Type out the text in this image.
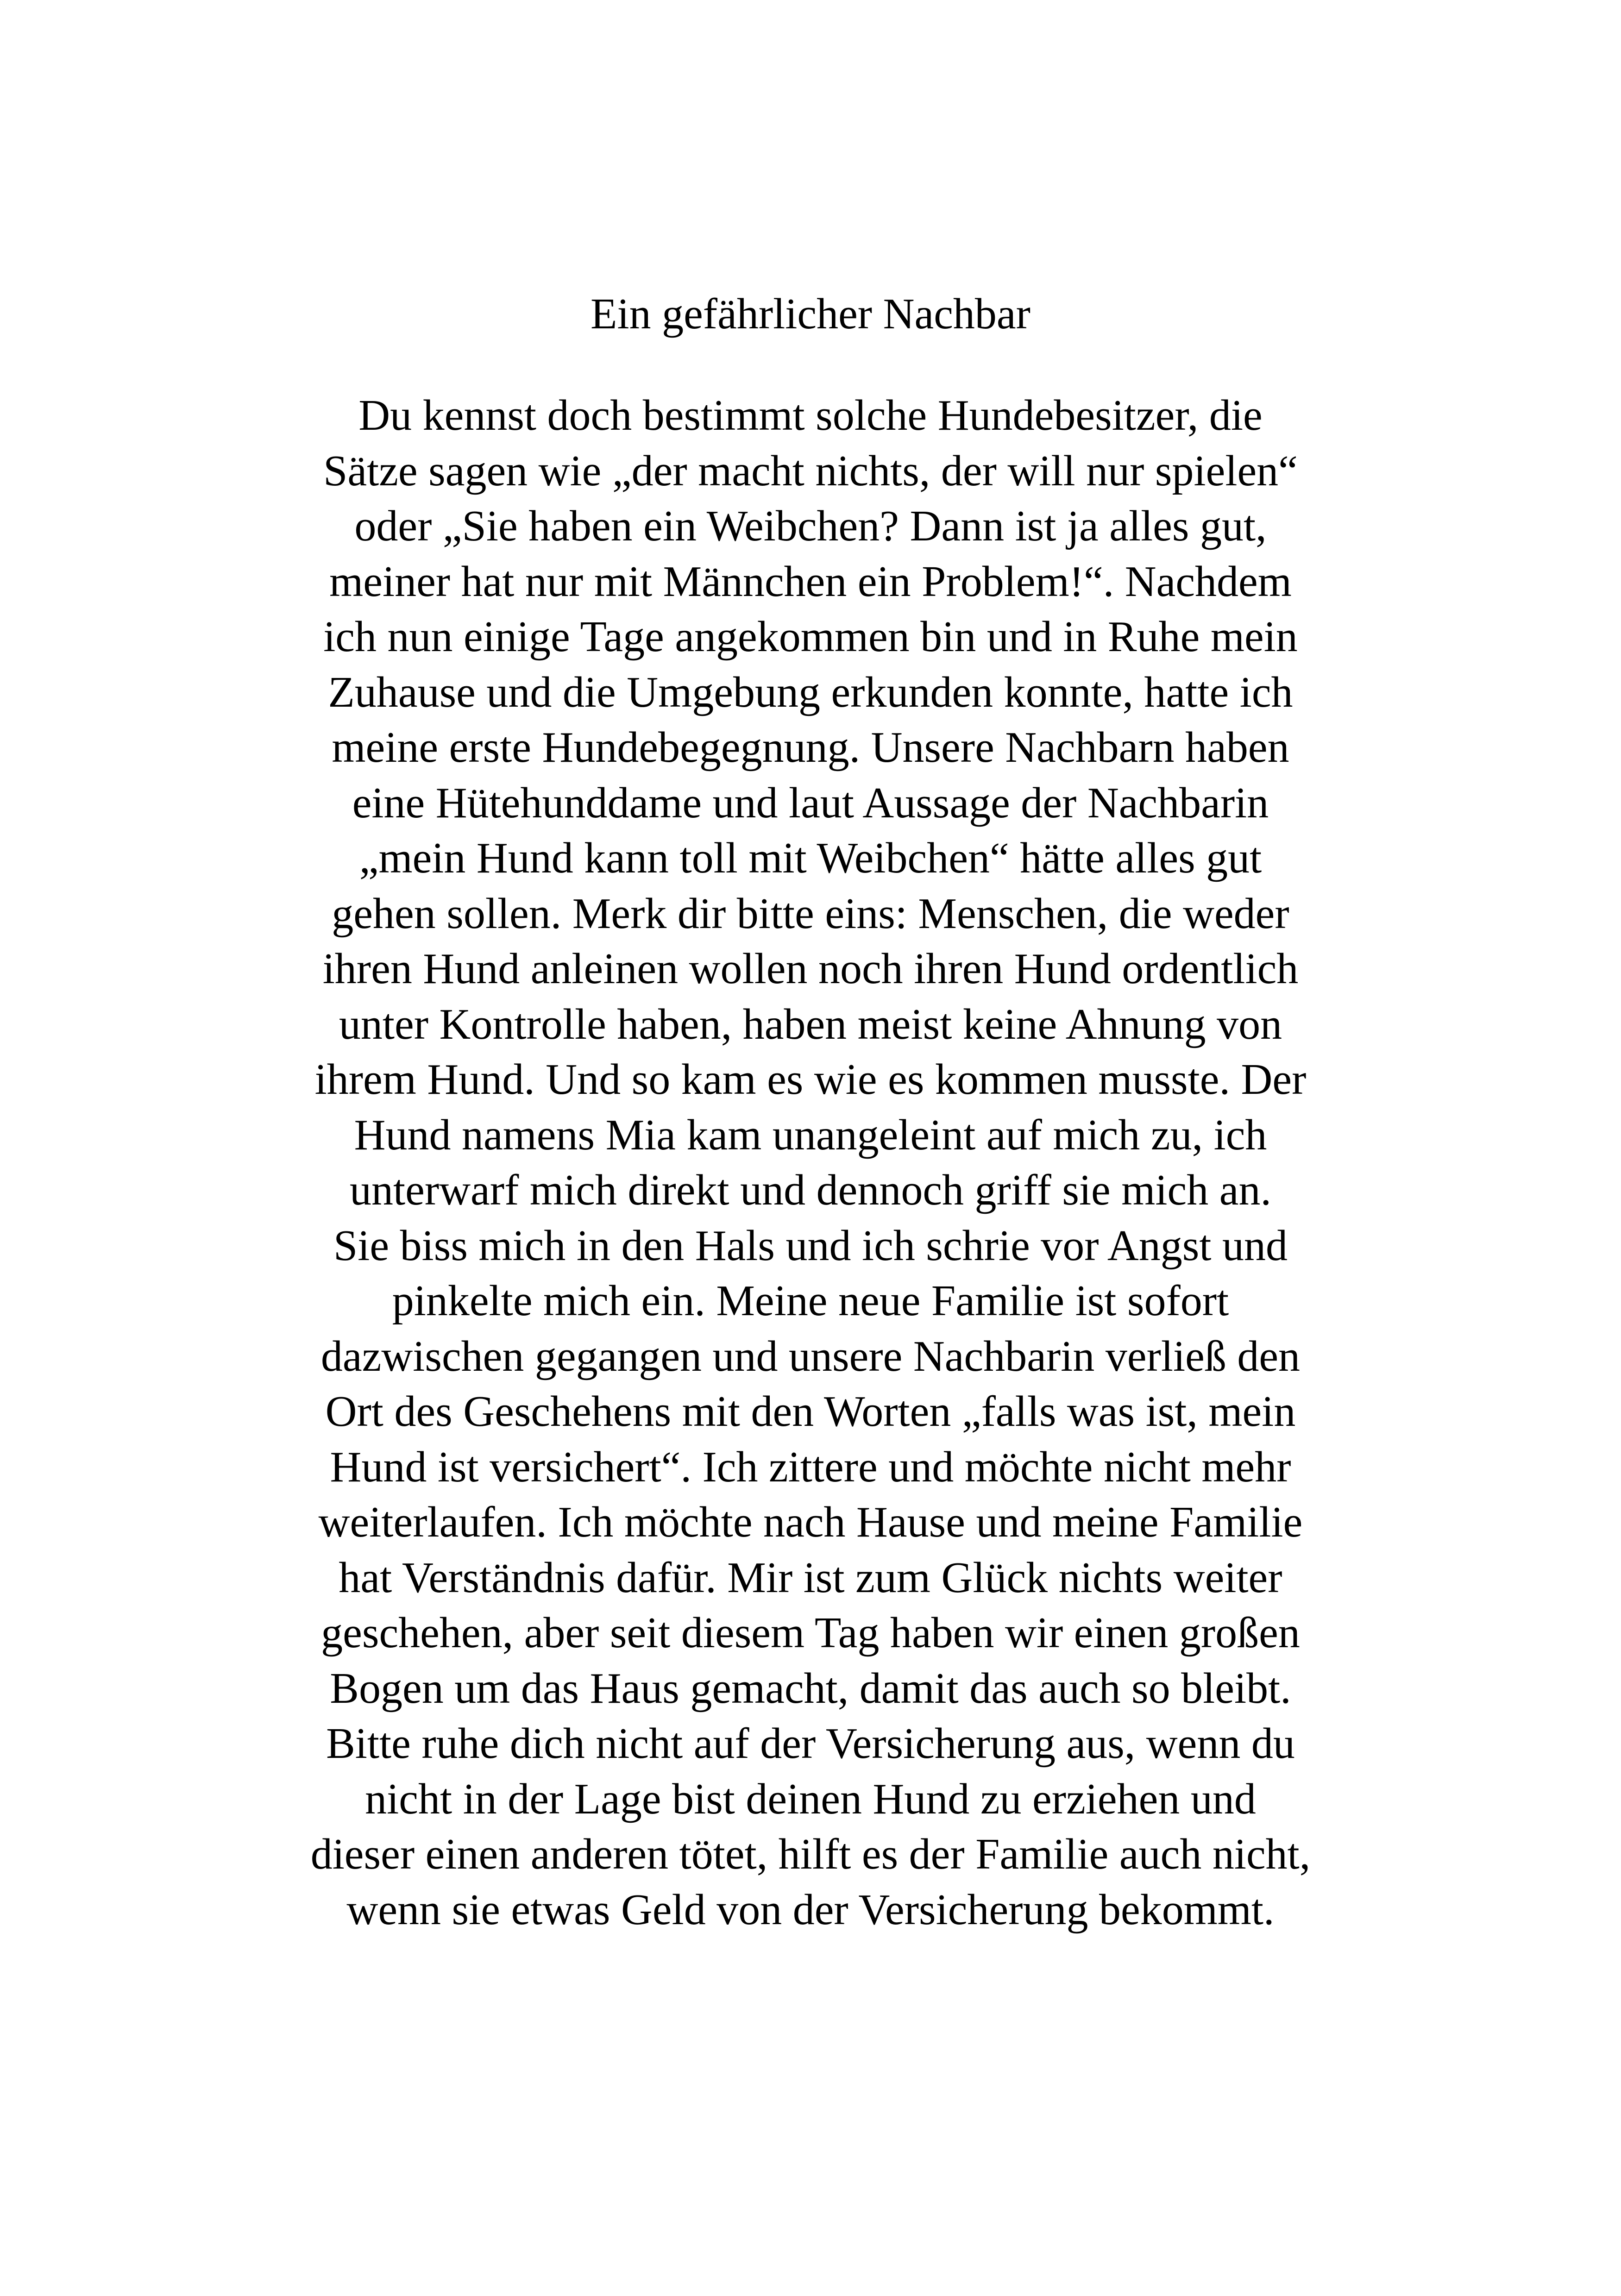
Ein gefährlicher Nachbar
Du kennst doch bestimmt solche Hundebesitzer, die
Sätze sagen wie „der macht nichts, der will nur spielen“
oder „Sie haben ein Weibchen? Dann ist ja alles gut,
meiner hat nur mit Männchen ein Problem!“. Nachdem
ich nun einige Tage angekommen bin und in Ruhe mein
Zuhause und die Umgebung erkunden konnte, hatte ich
meine erste Hundebegegnung. Unsere Nachbarn haben
eine Hütehunddame und laut Aussage der Nachbarin
„mein Hund kann toll mit Weibchen“ hätte alles gut
gehen sollen. Merk dir bitte eins: Menschen, die weder
ihren Hund anleinen wollen noch ihren Hund ordentlich
unter Kontrolle haben, haben meist keine Ahnung von
ihrem Hund. Und so kam es wie es kommen musste. Der
Hund namens Mia kam unangeleint auf mich zu, ich
unterwarf mich direkt und dennoch griff sie mich an.
Sie biss mich in den Hals und ich schrie vor Angst und
pinkelte mich ein. Meine neue Familie ist sofort
dazwischen gegangen und unsere Nachbarin verließ den
Ort des Geschehens mit den Worten „falls was ist, mein
Hund ist versichert“. Ich zittere und möchte nicht mehr
weiterlaufen. Ich möchte nach Hause und meine Familie
hat Verständnis dafür. Mir ist zum Glück nichts weiter
geschehen, aber seit diesem Tag haben wir einen großen
Bogen um das Haus gemacht, damit das auch so bleibt.
Bitte ruhe dich nicht auf der Versicherung aus, wenn du
nicht in der Lage bist deinen Hund zu erziehen und
dieser einen anderen tötet, hilft es der Familie auch nicht,
wenn sie etwas Geld von der Versicherung bekommt.
